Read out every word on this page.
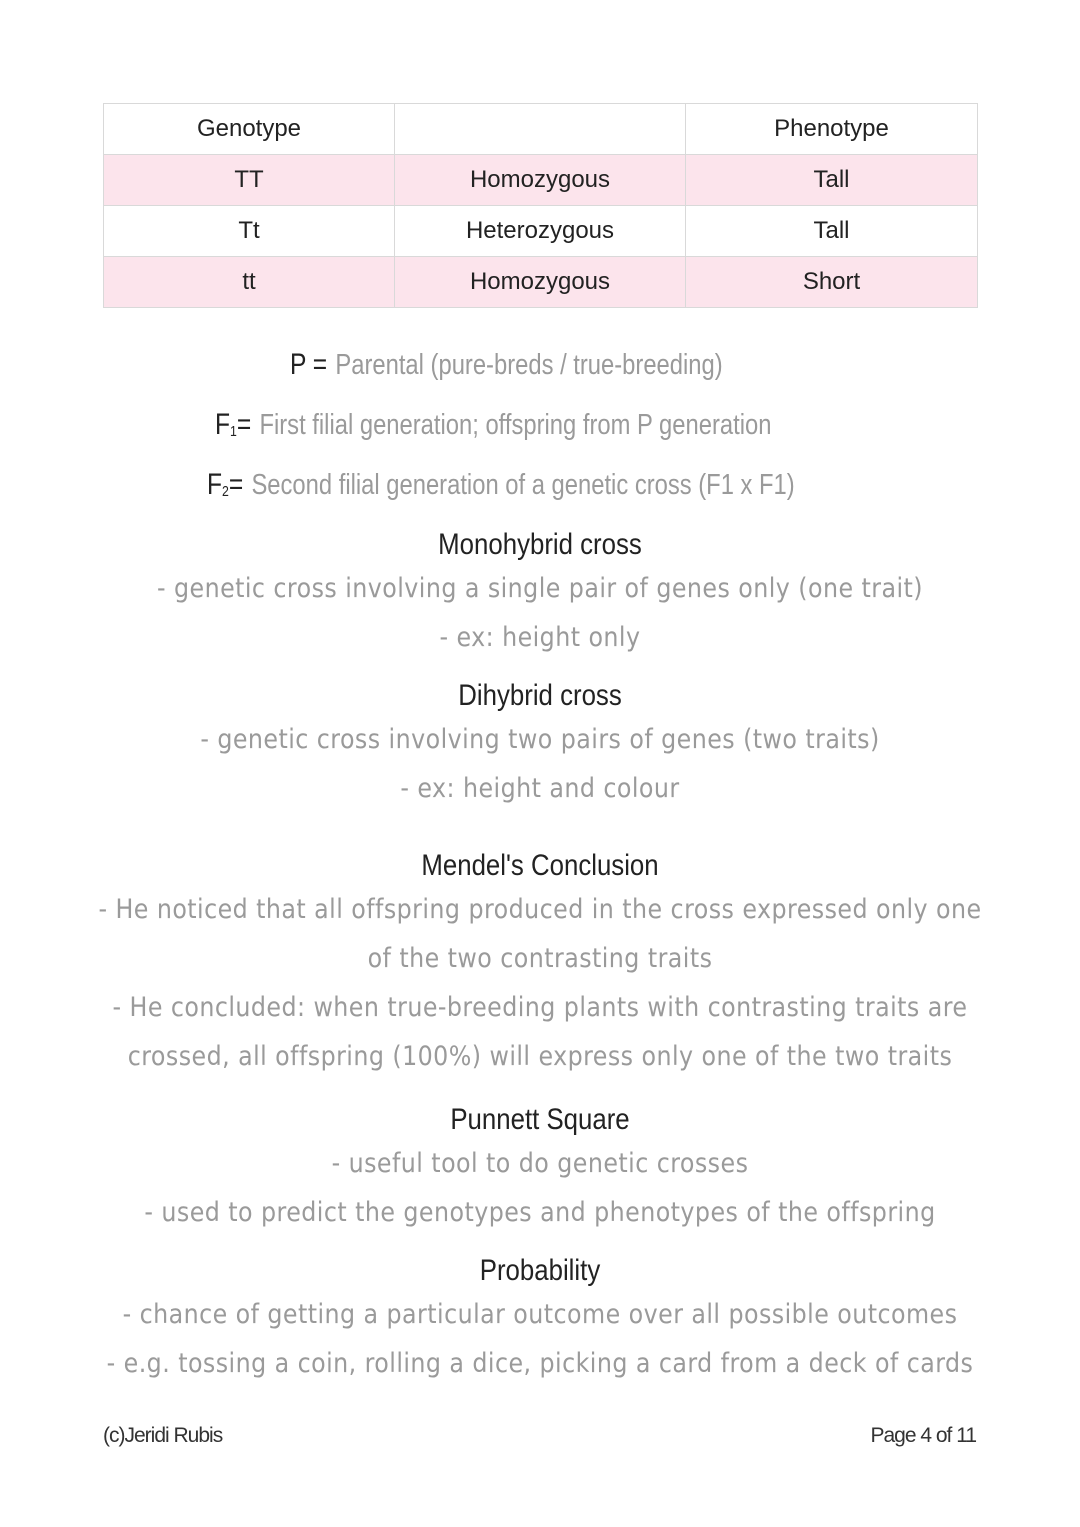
Genotype		Phenotype
TT	Homozygous	Tall
Tt	Heterozygous	Tall
tt	Homozygous	Short
P = Parental (pure-breds / true-breeding)
$F_1=$ First filial generation; offspring from P generation
$F_2=$ Second filial generation of a genetic cross (F1 x F1)
Monohybrid cross
- genetic cross involving a single pair of genes only (one trait)
- ex: height only
Dihybrid cross
- genetic cross involving two pairs of genes (two traits)
- ex: height and colour
Mendel's Conclusion
- He noticed that all offspring produced in the cross expressed only one
of the two contrasting traits
- He concluded: when true-breeding plants with contrasting traits are
crossed, all offspring (100%) will express only one of the two traits
Punnett Square
- useful tool to do genetic crosses
- used to predict the genotypes and phenotypes of the offspring
Probability
- chance of getting a particular outcome over all possible outcomes
- e.g. tossing a coin, rolling a dice, picking a card from a deck of cards
(c)Jeridi Rubis	Page 4 of 11
